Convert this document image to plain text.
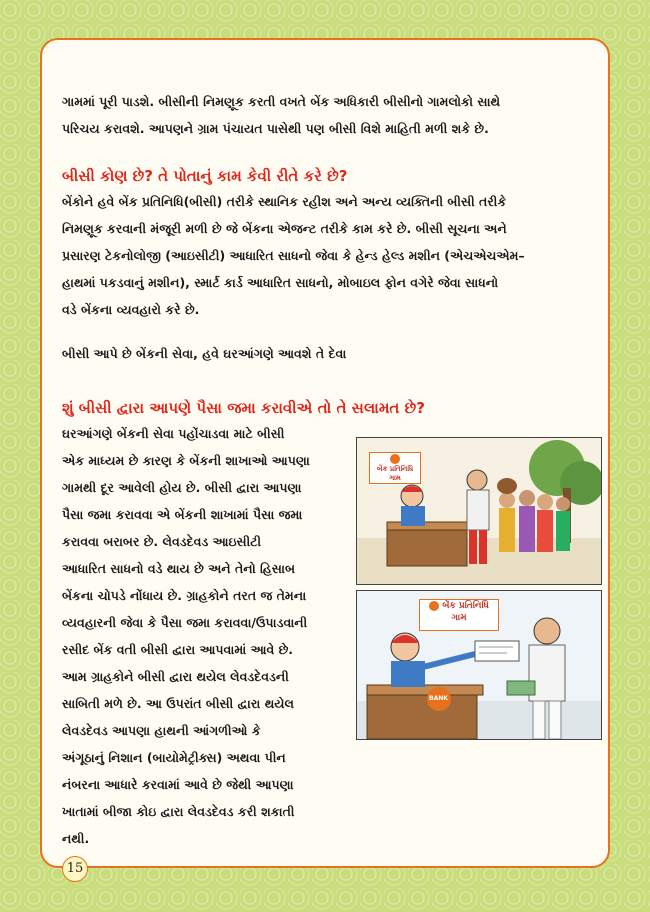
ગામમાં પૂરી પાડશે. બીસીની નિમણૂક કરતી વખતે બેંક અધિકારી બીસીનો ગામલોકો સાથે

પરિચય કરાવશે. આપણને ગ્રામ પંચાયત પાસેથી પણ બીસી વિશે માહિતી મળી શકે છે.

બીસી કોણ છે? તે પોતાનું કામ કેવી રીતે કરે છે?

બેંકોને હવે બેંક પ્રતિનિધિ(બીસી) તરીકે સ્થાનિક રહીશ અને અન્ય વ્યક્તિની બીસી તરીકે

નિમણૂક કરવાની મંજૂરી મળી છે જે બેંકના એજન્ટ તરીકે કામ કરે છે. બીસી સૂચના અને

પ્રસારણ ટેકનોલોજી (આઇસીટી) આધારિત સાધનો જેવા કે હેન્ડ હેલ્ડ મશીન (એચએચએમ–

હાથમાં પકડવાનું મશીન), સ્માર્ટ કાર્ડ આધારિત સાધનો, મોબાઇલ ફોન વગેરે જેવા સાધનો

વડે બેંકના વ્યવહારો કરે છે.

બીસી આપે છે બેંકની સેવા, હવે ઘરઆંગણે આવશે તે દેવા

શું બીસી દ્વારા આપણે પૈસા જમા કરાવીએ તો તે સલામત છે?

ઘરઆંગણે બેંકની સેવા પહોંચાડવા માટે બીસી

એક માધ્યમ છે કારણ કે બેંકની શાખાઓ આપણા

ગામથી દૂર આવેલી હોય છે. બીસી દ્વારા આપણા

પૈસા જમા કરાવવા એ બેંકની શાખામાં પૈસા જમા

કરાવવા બરાબર છે. લેવડદેવડ આઇસીટી

આધારિત સાધનો વડે થાય છે અને તેનો હિસાબ

બેંકના ચોપડે નોંધાય છે. ગ્રાહકોને તરત જ તેમના

વ્યવહારની જેવા કે પૈસા જમા કરાવવા/ઉપાડવાની

રસીદ બેંક વતી બીસી દ્વારા આપવામાં આવે છે.

આમ ગ્રાહકોને બીસી દ્વારા થયેલ લેવડદેવડની

સાબિતી મળે છે. આ ઉપરાંત બીસી દ્વારા થયેલ

લેવડદેવડ આપણા હાથની આંગળીઓ કે

અંગૂઠાનું નિશાન (બાયોમેટ્રીક્સ) અથવા પીન

નંબરના આધારે કરવામાં આવે છે જેથી આપણા

ખાતામાં બીજા કોઇ દ્વારા લેવડદેવડ કરી શકાતી

નથી.

બેંક પ્રતિનિધિ ગામ
બેંક પ્રતિનિધિ
ગામ
BANK
15
